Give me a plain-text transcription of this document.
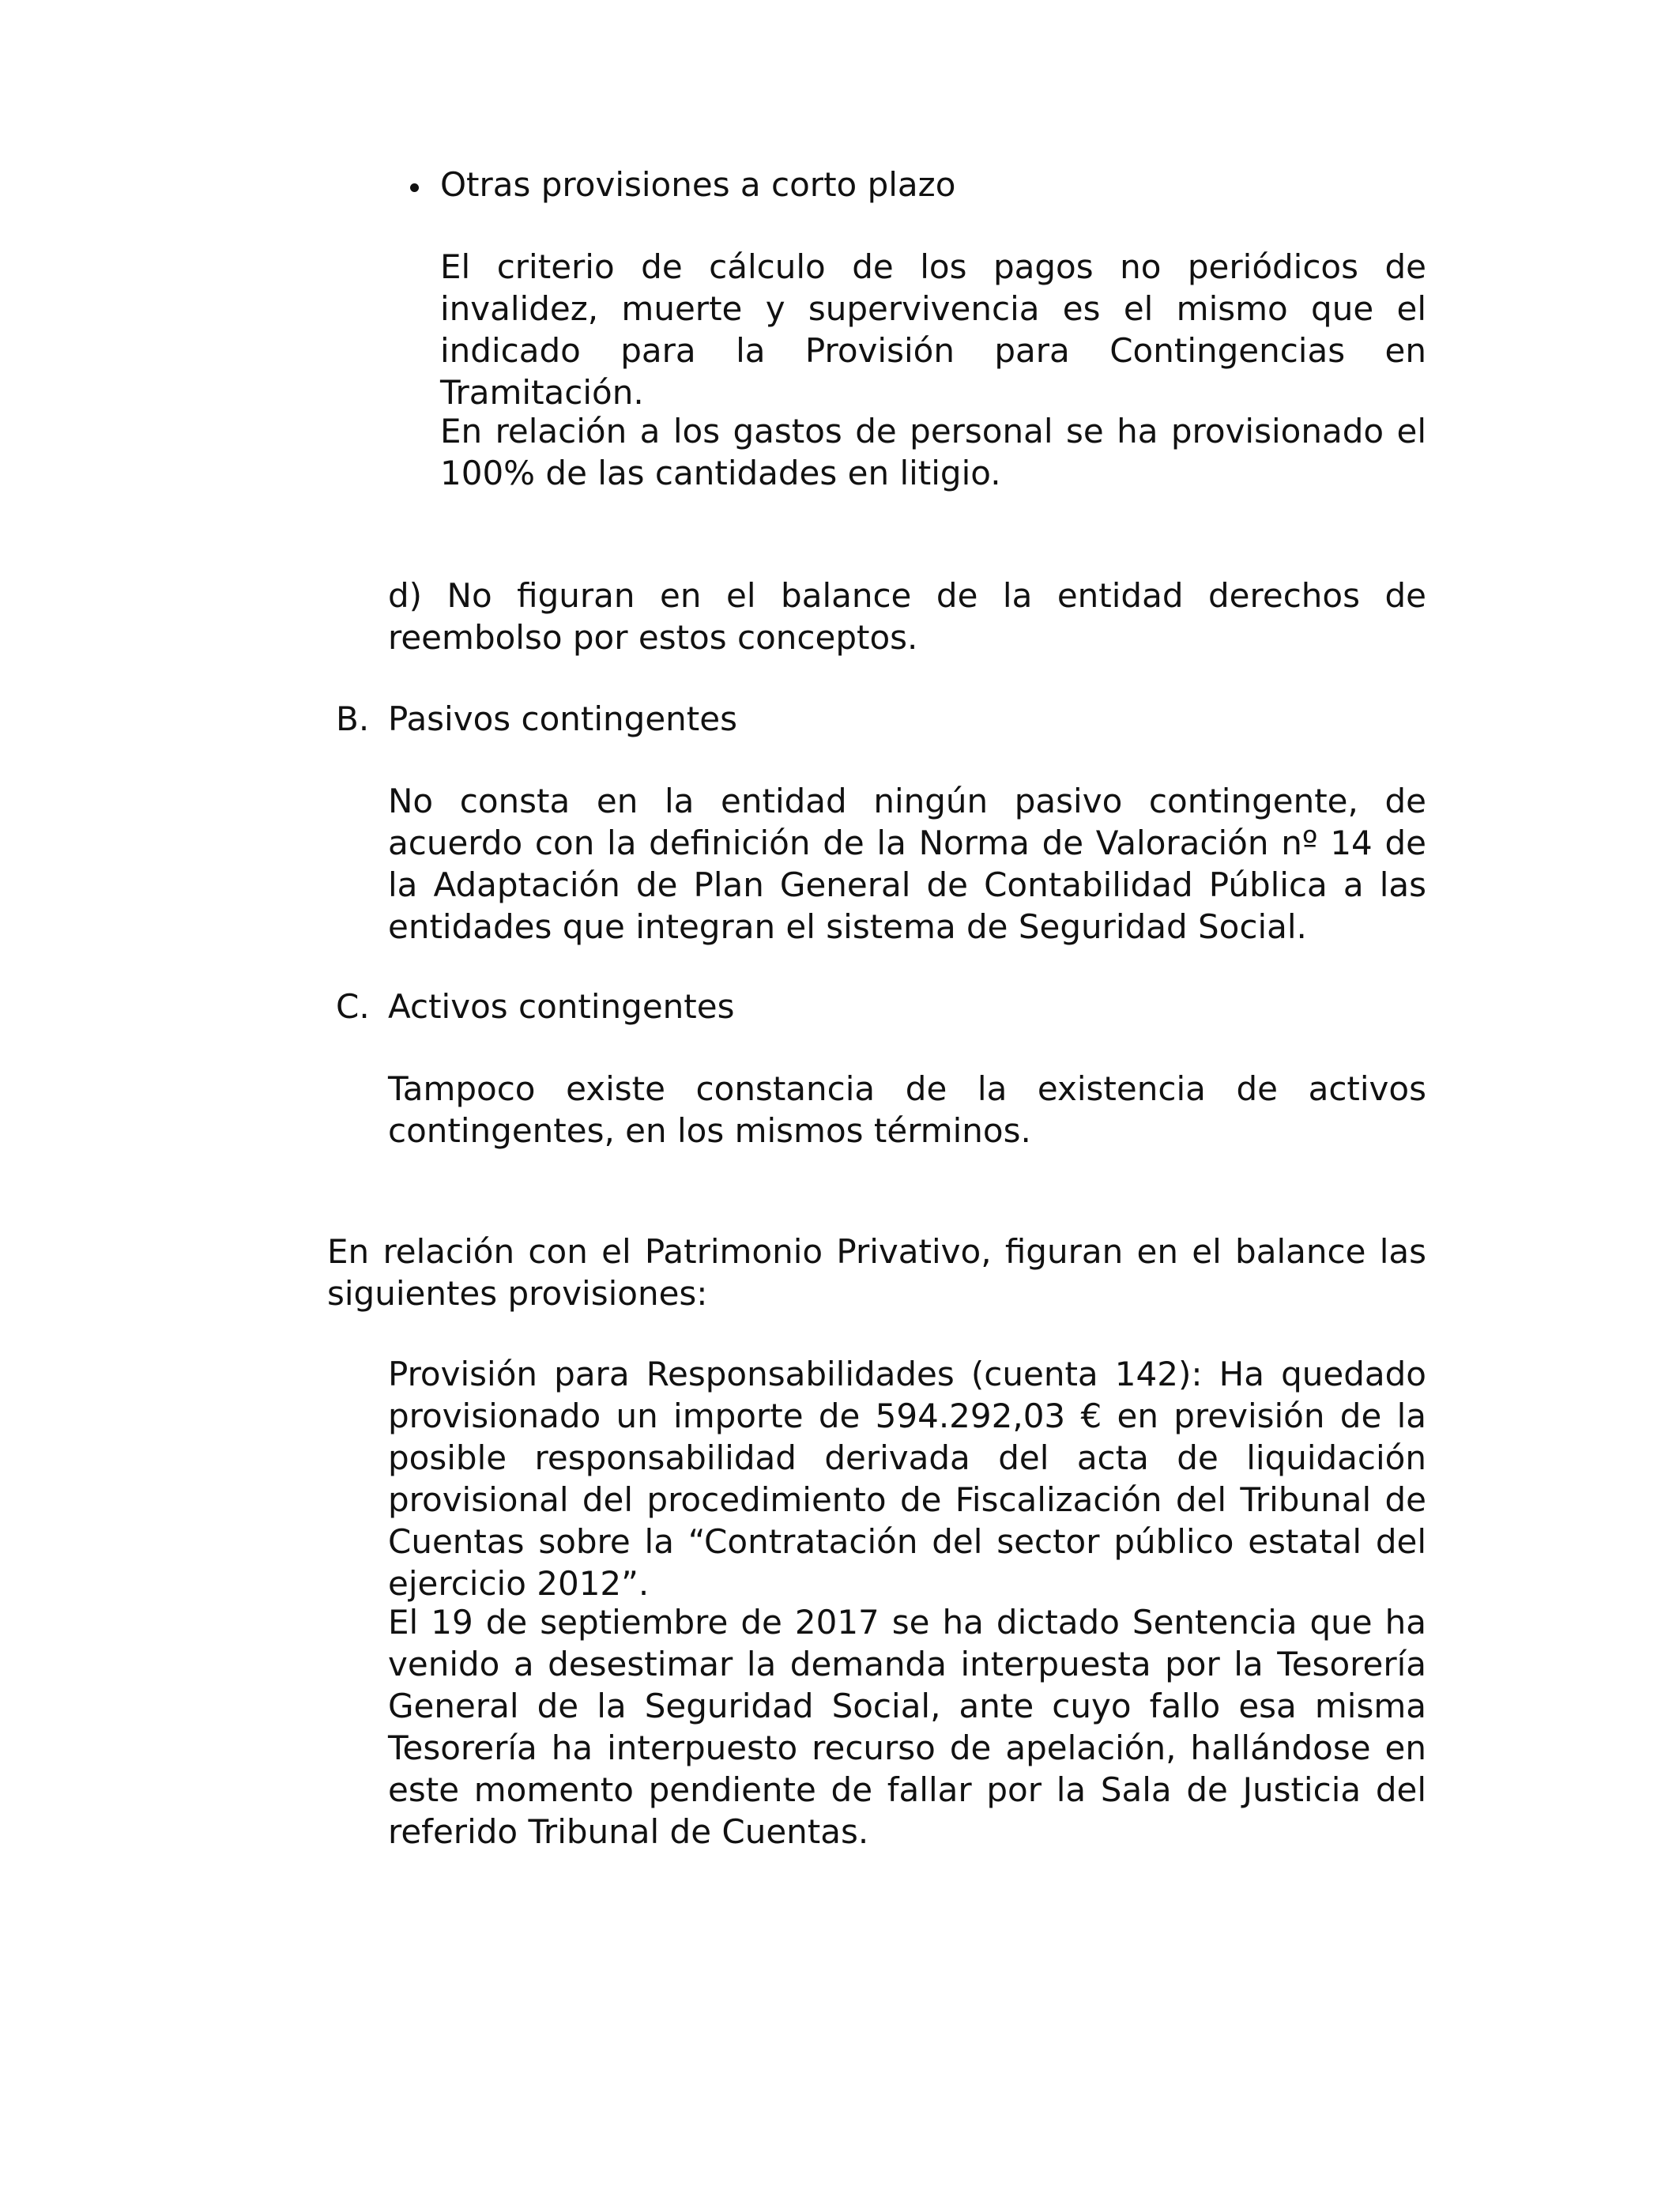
Otras provisiones a corto plazo

El criterio de cálculo de los pagos no periódicos de invalidez, muerte y supervivencia es el mismo que el indicado para la Provisión para Contingencias en Tramitación.

En relación a los gastos de personal se ha provisionado el 100% de las cantidades en litigio.

d) No figuran en el balance de la entidad derechos de reembolso por estos conceptos.

B. Pasivos contingentes

No consta en la entidad ningún pasivo contingente, de acuerdo con la definición de la Norma de Valoración nº 14 de la Adaptación de Plan General de Contabilidad Pública a las entidades que integran el sistema de Seguridad Social.

C. Activos contingentes

Tampoco existe constancia de la existencia de activos contingentes, en los mismos términos.

En relación con el Patrimonio Privativo, figuran en el balance las siguientes provisiones:

Provisión para Responsabilidades (cuenta 142): Ha quedado provisionado un importe de 594.292,03 € en previsión de la posible responsabilidad derivada del acta de liquidación provisional del procedimiento de Fiscalización del Tribunal de Cuentas sobre la “Contratación del sector público estatal del ejercicio 2012”.

El 19 de septiembre de 2017 se ha dictado Sentencia que ha venido a desestimar la demanda interpuesta por la Tesorería General de la Seguridad Social, ante cuyo fallo esa misma Tesorería ha interpuesto recurso de apelación, hallándose en este momento pendiente de fallar por la Sala de Justicia del referido Tribunal de Cuentas.
